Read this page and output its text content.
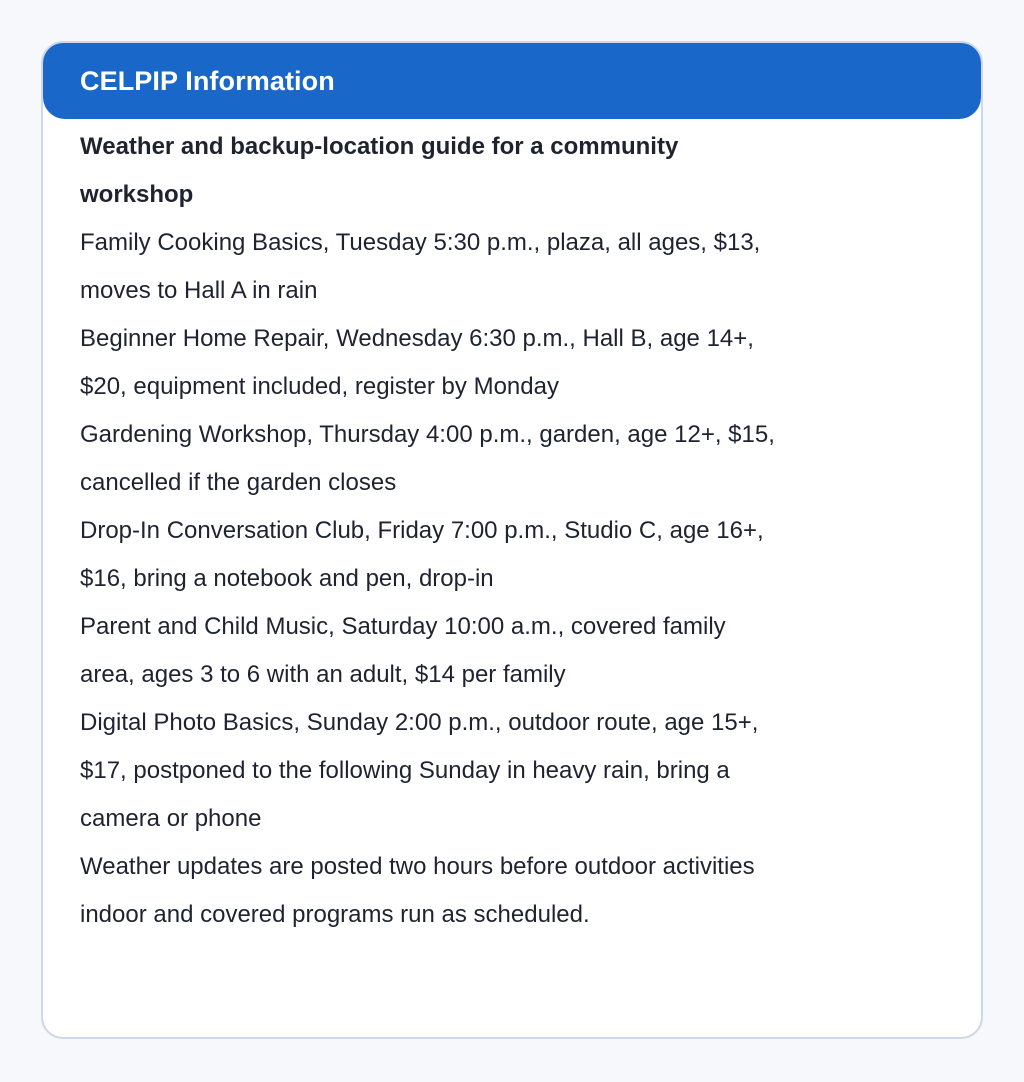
CELPIP Information
Weather and backup-location guide for a community workshop
Family Cooking Basics, Tuesday 5:30 p.m., plaza, all ages, $13, moves to Hall A in rain
Beginner Home Repair, Wednesday 6:30 p.m., Hall B, age 14+, $20, equipment included, register by Monday
Gardening Workshop, Thursday 4:00 p.m., garden, age 12+, $15, cancelled if the garden closes
Drop-In Conversation Club, Friday 7:00 p.m., Studio C, age 16+, $16, bring a notebook and pen, drop-in
Parent and Child Music, Saturday 10:00 a.m., covered family area, ages 3 to 6 with an adult, $14 per family
Digital Photo Basics, Sunday 2:00 p.m., outdoor route, age 15+, $17, postponed to the following Sunday in heavy rain, bring a camera or phone
Weather updates are posted two hours before outdoor activities
indoor and covered programs run as scheduled.
